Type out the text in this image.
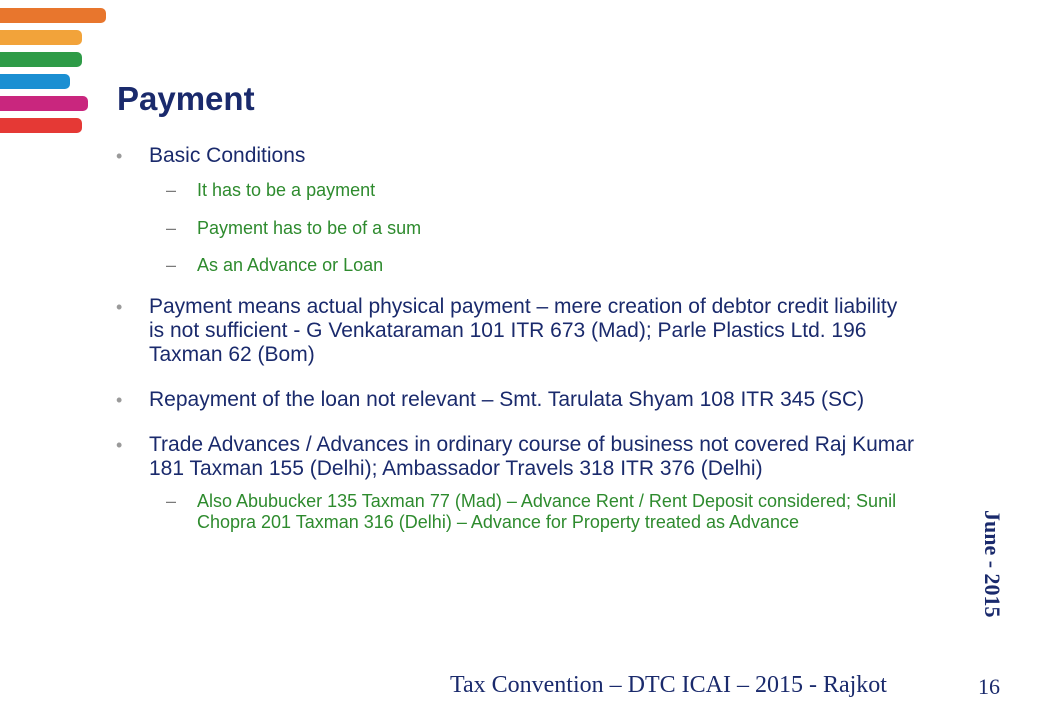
Payment
• Basic Conditions
– It has to be a payment
– Payment has to be of a sum
– As an Advance or Loan
• Payment means actual physical payment – mere creation of debtor credit liability is not sufficient - G Venkataraman 101 ITR 673 (Mad); Parle Plastics Ltd. 196 Taxman 62 (Bom)
• Repayment of the loan not relevant – Smt. Tarulata Shyam 108 ITR 345 (SC)
• Trade Advances / Advances in ordinary course of business not covered Raj Kumar 181 Taxman 155 (Delhi); Ambassador Travels 318 ITR 376 (Delhi)
– Also Abubucker 135 Taxman 77 (Mad) – Advance Rent / Rent Deposit considered; Sunil Chopra 201 Taxman 316 (Delhi) – Advance for Property treated as Advance	June - 2015
Tax Convention – DTC ICAI – 2015 - Rajkot	16
